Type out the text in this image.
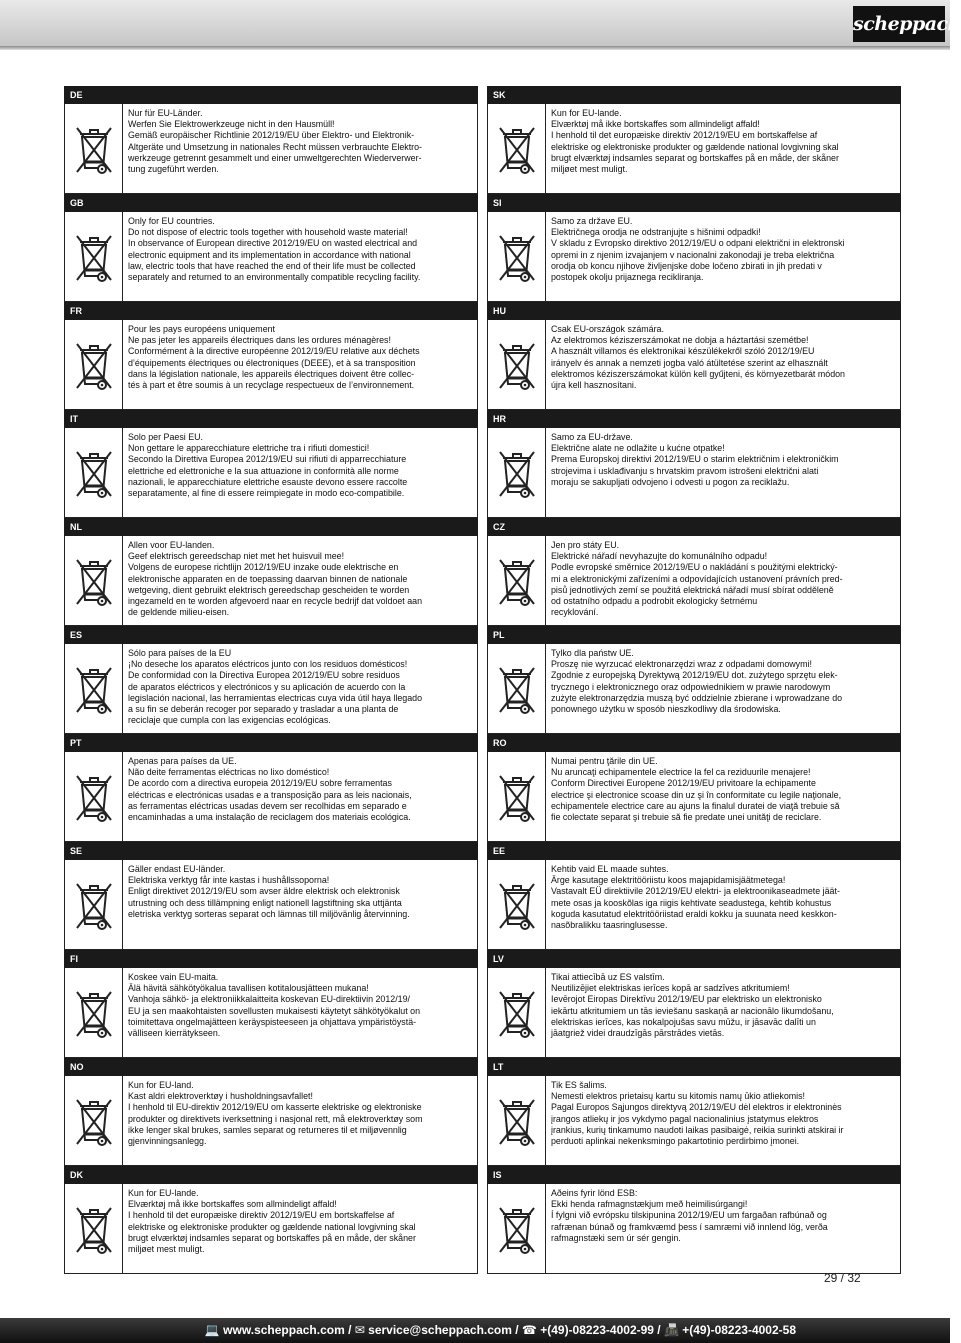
scheppach
DE
Nur für EU-Länder.
Werfen Sie Elektrowerkzeuge nicht in den Hausmüll!
Gemäß europäischer Richtlinie 2012/19/EU über Elektro- und Elektronik-
Altgeräte und Umsetzung in nationales Recht müssen verbrauchte Elektro-
werkzeuge getrennt gesammelt und einer umweltgerechten Wiederverwer-
tung zugeführt werden.
GB
Only for EU countries.
Do not dispose of electric tools together with household waste material!
In observance of European directive 2012/19/EU on wasted electrical and
electronic equipment and its implementation in accordance with national
law, electric tools that have reached the end of their life must be collected
separately and returned to an environmentally compatible recycling facility.
FR
Pour les pays européens uniquement
Ne pas jeter les appareils électriques dans les ordures ménagères!
Conformément à la directive européenne 2012/19/EU relative aux déchets
d’équipements électriques ou électroniques (DEEE), et à sa transposition
dans la législation nationale, les appareils électriques doivent être collec-
tés à part et être soumis à un recyclage respectueux de l’environnement.
IT
Solo per Paesi EU.
Non gettare le apparecchiature elettriche tra i rifiuti domestici!
Secondo la Direttiva Europea 2012/19/EU sui rifiuti di apparrecchiature
elettriche ed elettroniche e la sua attuazione in conformità alle norme
nazionali, le apparecchiature elettriche esauste devono essere raccolte
separatamente, al fine di essere reimpiegate in modo eco-compatibile.
NL
Allen voor EU-landen.
Geef elektrisch gereedschap niet met het huisvuil mee!
Volgens de europese richtlijn 2012/19/EU inzake oude elektrische en
elektronische apparaten en de toepassing daarvan binnen de nationale
wetgeving, dient gebruikt elektrisch gereedschap gescheiden te worden
ingezameld en te worden afgevoerd naar en recycle bedrijf dat voldoet aan
de geldende milieu-eisen.
ES
Sólo para países de la EU
¡No deseche los aparatos eléctricos junto con los residuos domésticos!
De conformidad con la Directiva Europea 2012/19/EU sobre residuos
de aparatos eléctricos y electrónicos y su aplicación de acuerdo con la
legislación nacional, las herramientas electricas cuya vida útil haya llegado
a su fin se deberán recoger por separado y trasladar a una planta de
reciclaje que cumpla con las exigencias ecológicas.
PT
Apenas para países da UE.
Não deite ferramentas eléctricas no lixo doméstico!
De acordo com a directiva europeia 2012/19/EU sobre ferramentas
eléctricas e electrónicas usadas e a transposição para as leis nacionais,
as ferramentas eléctricas usadas devem ser recolhidas em separado e
encaminhadas a uma instalação de reciclagem dos materiais ecológica.
SE
Gäller endast EU-länder.
Elektriska verktyg får inte kastas i hushållssoporna!
Enligt direktivet 2012/19/EU som avser äldre elektrisk och elektronisk
utrustning och dess tillämpning enligt nationell lagstiftning ska uttjänta
eletriska verktyg sorteras separat och lämnas till miljövänlig återvinning.
FI
Koskee vain EU-maita.
Älä hävitä sähkötyökalua tavallisen kotitalousjätteen mukana!
Vanhoja sähkö- ja elektroniikkalaitteita koskevan EU-direktiivin 2012/19/
EU ja sen maakohtaisten sovellusten mukaisesti käytetyt sähkötyökalut on
toimitettava ongelmajätteen keräyspisteeseen ja ohjattava ympäristöystä-
välliseen kierrätykseen.
NO
Kun for EU-land.
Kast aldri elektroverktøy i husholdningsavfallet!
I henhold til EU-direktiv 2012/19/EU om kasserte elektriske og elektroniske
produkter og direktivets iverksettning i nasjonal rett, må elektroverktøy som
ikke lenger skal brukes, samles separat og returneres til et miljøvennlig
gjenvinningsanlegg.
DK
Kun for EU-lande.
Elværktøj må ikke bortskaffes som allmindeligt affald!
I henhold til det europæiske direktiv 2012/19/EU em bortskaffelse af
elektriske og elektroniske produkter og gældende national lovgivning skal
brugt elværktøj indsamles separat og bortskaffes på en måde, der skåner
miljøet mest muligt.
SK
Kun for EU-lande.
Elværktøj må ikke bortskaffes som allmindeligt affald!
I henhold til det europæiske direktiv 2012/19/EU em bortskaffelse af
elektriske og elektroniske produkter og gældende national lovgivning skal
brugt elværktøj indsamles separat og bortskaffes på en måde, der skåner
miljøet mest muligt.
SI
Samo za države EU.
Električnega orodja ne odstranjujte s hišnimi odpadki!
V skladu z Evropsko direktivo 2012/19/EU o odpani električni in elektronski
opremi in z njenim izvajanjem v nacionalni zakonodaji je treba električna
orodja ob koncu njihove življenjske dobe ločeno zbirati in jih predati v
postopek okolju prijaznega recikliranja.
HU
Csak EU-országok számára.
Az elektromos kéziszerszámokat ne dobja a háztartási szemétbe!
A használt villamos és elektronikai készülékekről szóló 2012/19/EU
irányelv és annak a nemzeti jogba való átültetése szerint az elhasznált
elektromos kéziszerszámokat külön kell gyűjteni, és környezetbarát módon
újra kell hasznosítani.
HR
Samo za EU-države.
Električne alate ne odlažite u kućne otpatke!
Prema Europskoj direktivi 2012/19/EU o starim električnim i elektroničkim
strojevima i usklađivanju s hrvatskim pravom istrošeni električni alati
moraju se sakupljati odvojeno i odvesti u pogon za reciklažu.
CZ
Jen pro státy EU.
Elektrické nářadí nevyhazujte do komunálního odpadu!
Podle evropské směrnice 2012/19/EU o nakládání s použitými elektrický-
mi a elektronickými zařízeními a odpovídajících ustanovení právních pred-
pisů jednotlivých zemí se použitá elektrická nářadí musí sbírat odděleně
od ostatního odpadu a podrobit ekologicky šetrnému
recyklování.
PL
Tylko dla państw UE.
Proszę nie wyrzucać elektronarzędzi wraz z odpadami domowymi!
Zgodnie z europejską Dyrektywą 2012/19/EU dot. zużytego sprzętu elek-
trycznego i elektronicznego oraz odpowiednikiem w prawie narodowym
zużyte elektronarzędzia muszą być oddzielnie zbierane i wprowadzane do
ponownego użytku w sposób nieszkodliwy dla środowiska.
RO
Numai pentru ţările din UE.
Nu aruncaţi echipamentele electrice la fel ca reziduurile menajere!
Conform Directivei Europene 2012/19/EU privitoare la echipamente
electrice şi electronice scoase din uz şi în conformitate cu legile naţionale,
echipamentele electrice care au ajuns la finalul duratei de viaţă trebuie să
fie colectate separat şi trebuie să fie predate unei unităţi de reciclare.
EE
Kehtib vaid EL maade suhtes.
Ärge kasutage elektritööriistu koos majapidamisjäätmetega!
Vastavalt EÜ direktiivile 2012/19/EU elektri- ja elektroonikaseadmete jäät-
mete osas ja kooskõlas iga riigis kehtivate seadustega, kehtib kohustus
koguda kasutatud elektritööriistad eraldi kokku ja suunata need keskkon-
nasõbralikku taasringlusesse.
LV
Tikai attiecībā uz ES valstīm.
Neutilizējiet elektriskas ierīces kopā ar sadzīves atkritumiem!
Ievērojot Eiropas Direktīvu 2012/19/EU par elektrisko un elektronisko
iekārtu atkritumiem un tās ieviešanu saskaņā ar nacionālo likumdošanu,
elektriskas ierīces, kas nokalpojušas savu mūžu, ir jāsavāc dalīti un
jāatgriež videi draudzīgās pārstrādes vietās.
LT
Tik ES šalims.
Nemesti elektros prietaisų kartu su kitomis namų ūkio atliekomis!
Pagal Europos Sąjungos direktyvą 2012/19/EU dėl elektros ir elektroninės
įrangos atliekų ir jos vykdymo pagal nacionalinius įstatymus elektros
įrankius, kurių tinkamumo naudoti laikas pasibaigė, reikia surinkti atskirai ir
perduoti aplinkai nekenksmingo pakartotinio perdirbimo įmonei.
IS
Aðeins fyrir lönd ESB:
Ekki henda rafmagnstækjum með heimilisúrgangi!
Í fylgni við evrópsku tilskipunina 2012/19/EU um fargaðan rafbúnað og
rafrænan búnað og framkvæmd þess í samræmi við innlend lög, verða
rafmagnstæki sem úr sér gengin.
29 / 32
💻 www.scheppach.com / ✉ service@scheppach.com / ☎ +(49)-08223-4002-99 / 📠 +(49)-08223-4002-58
